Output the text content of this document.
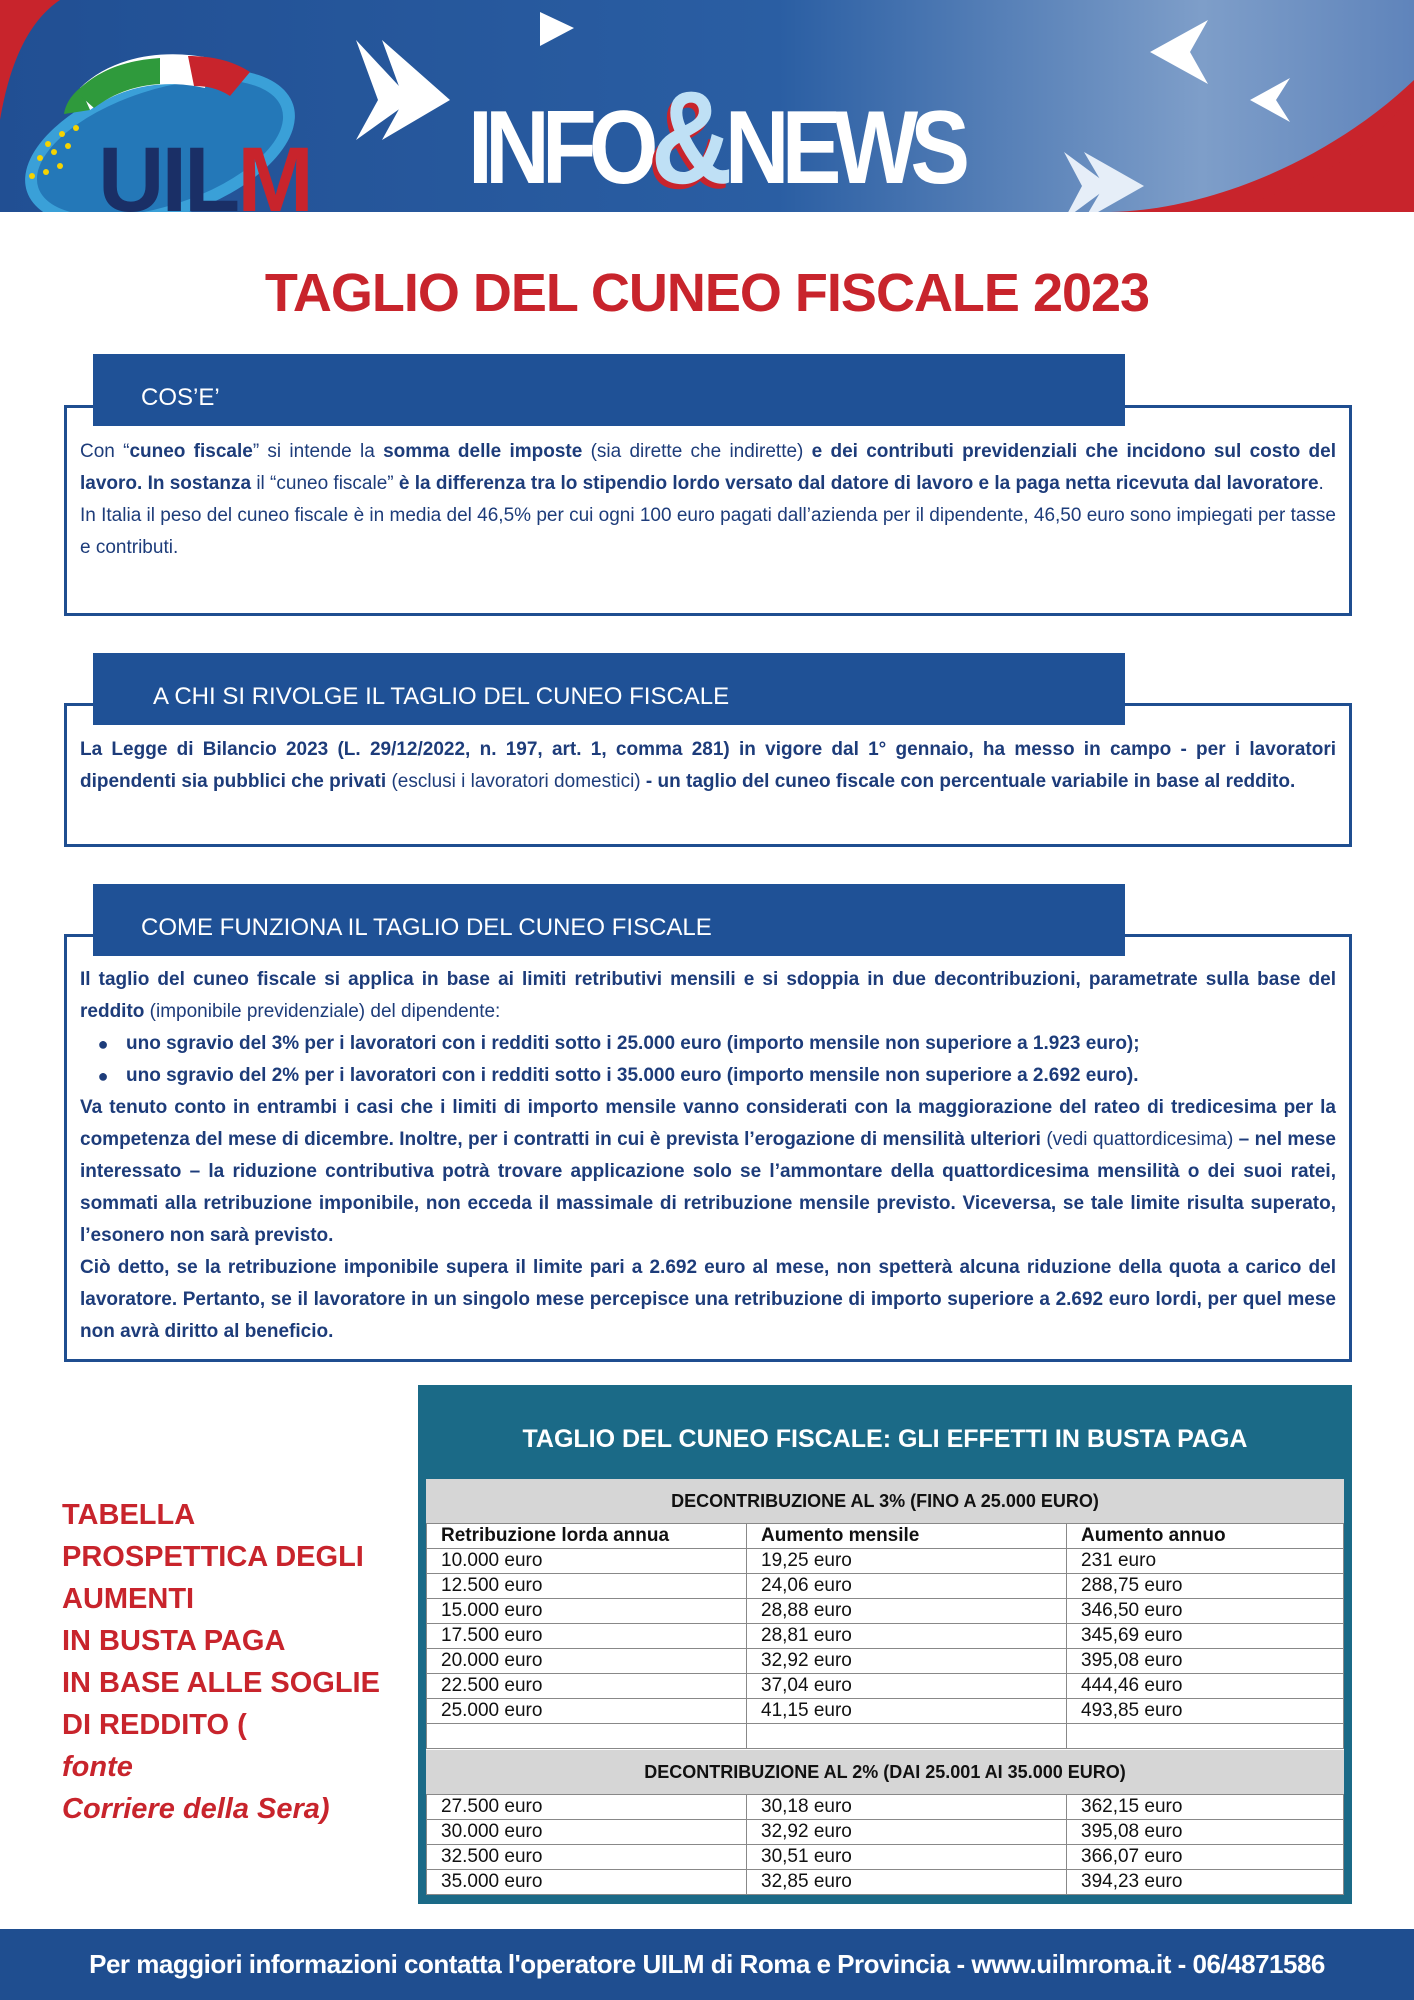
UILM INFO&NEWS
TAGLIO DEL CUNEO FISCALE 2023
COS’E’

Con “cuneo fiscale” si intende la somma delle imposte (sia dirette che indirette) e dei contributi previdenziali che incidono sul costo del lavoro. In sostanza il “cuneo fiscale” è la differenza tra lo stipendio lordo versato dal datore di lavoro e la paga netta ricevuta dal lavoratore.

In Italia il peso del cuneo fiscale è in media del 46,5% per cui ogni 100 euro pagati dall’azienda per il dipendente, 46,50 euro sono impiegati per tasse e contributi.

A CHI SI RIVOLGE IL TAGLIO DEL CUNEO FISCALE

La Legge di Bilancio 2023 (L. 29/12/2022, n. 197, art. 1, comma 281) in vigore dal 1° gennaio, ha messo in campo - per i lavoratori dipendenti sia pubblici che privati (esclusi i lavoratori domestici) - un taglio del cuneo fiscale con percentuale variabile in base al reddito.

COME FUNZIONA IL TAGLIO DEL CUNEO FISCALE

Il taglio del cuneo fiscale si applica in base ai limiti retributivi mensili e si sdoppia in due decontribuzioni, parametrate sulla base del reddito (imponibile previdenziale) del dipendente:

● uno sgravio del 3% per i lavoratori con i redditi sotto i 25.000 euro (importo mensile non superiore a 1.923 euro);
● uno sgravio del 2% per i lavoratori con i redditi sotto i 35.000 euro (importo mensile non superiore a 2.692 euro).

Va tenuto conto in entrambi i casi che i limiti di importo mensile vanno considerati con la maggiorazione del rateo di tredicesima per la competenza del mese di dicembre. Inoltre, per i contratti in cui è prevista l’erogazione di mensilità ulteriori (vedi quattordicesima) – nel mese interessato – la riduzione contributiva potrà trovare applicazione solo se l’ammontare della quattordicesima mensilità o dei suoi ratei, sommati alla retribuzione imponibile, non ecceda il massimale di retribuzione mensile previsto. Viceversa, se tale limite risulta superato, l’esonero non sarà previsto.

Ciò detto, se la retribuzione imponibile supera il limite pari a 2.692 euro al mese, non spetterà alcuna riduzione della quota a carico del lavoratore. Pertanto, se il lavoratore in un singolo mese percepisce una retribuzione di importo superiore a 2.692 euro lordi, per quel mese non avrà diritto al beneficio.

TABELLA
PROSPETTICA DEGLI
AUMENTI
IN BUSTA PAGA
IN BASE ALLE SOGLIE
DI REDDITO (
fonte
Corriere della Sera)
TAGLIO DEL CUNEO FISCALE: GLI EFFETTI IN BUSTA PAGA
DECONTRIBUZIONE AL 3% (FINO A 25.000 EURO)
Retribuzione lorda annua	Aumento mensile	Aumento annuo
10.000 euro	19,25 euro	231 euro
12.500 euro	24,06 euro	288,75 euro
15.000 euro	28,88 euro	346,50 euro
17.500 euro	28,81 euro	345,69 euro
20.000 euro	32,92 euro	395,08 euro
22.500 euro	37,04 euro	444,46 euro
25.000 euro	41,15 euro	493,85 euro

DECONTRIBUZIONE AL 2% (DAI 25.001 AI 35.000 EURO)
27.500 euro	30,18 euro	362,15 euro
30.000 euro	32,92 euro	395,08 euro
32.500 euro	30,51 euro	366,07 euro
35.000 euro	32,85 euro	394,23 euro
Per maggiori informazioni contatta l'operatore UILM di Roma e Provincia - www.uilmroma.it - 06/4871586
